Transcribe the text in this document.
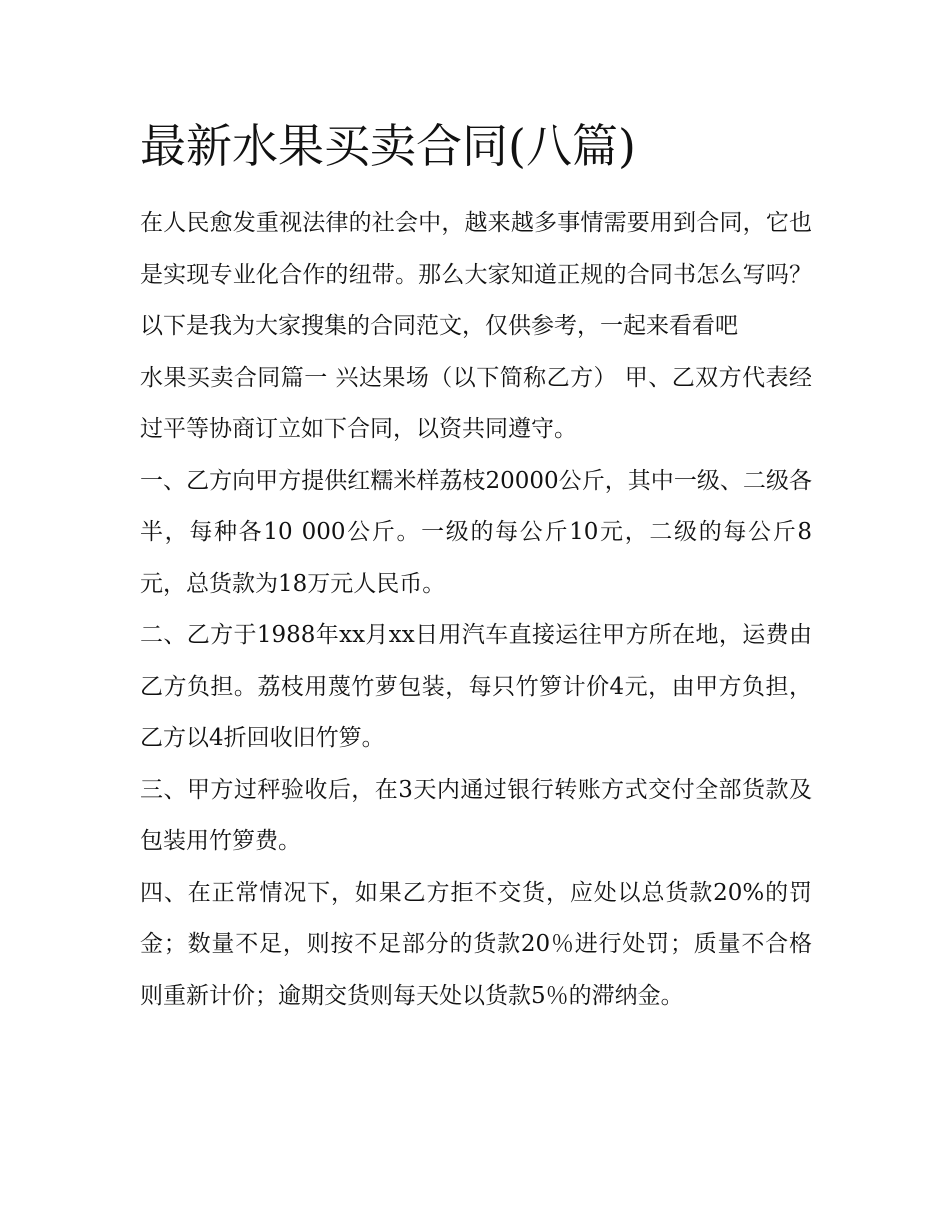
最新水果买卖合同(八篇)

在人民愈发重视法律的社会中，越来越多事情需要用到合同，它也是实现专业化合作的纽带。那么大家知道正规的合同书怎么写吗？以下是我为大家搜集的合同范文，仅供参考，一起来看看吧

水果买卖合同篇一 兴达果场（以下简称乙方） 甲、乙双方代表经过平等协商订立如下合同，以资共同遵守。

一、乙方向甲方提供红糯米样荔枝20000公斤，其中一级、二级各半，每种各10 000公斤。一级的每公斤10元，二级的每公斤8元，总货款为18万元人民币。

二、乙方于1988年xx月xx日用汽车直接运往甲方所在地，运费由乙方负担。荔枝用蔑竹萝包装，每只竹箩计价4元，由甲方负担，乙方以4折回收旧竹箩。

三、甲方过秤验收后，在3天内通过银行转账方式交付全部货款及包装用竹箩费。

四、在正常情况下，如果乙方拒不交货，应处以总货款20%的罚金；数量不足，则按不足部分的货款20％进行处罚；质量不合格则重新计价；逾期交货则每天处以货款5％的滞纳金。
